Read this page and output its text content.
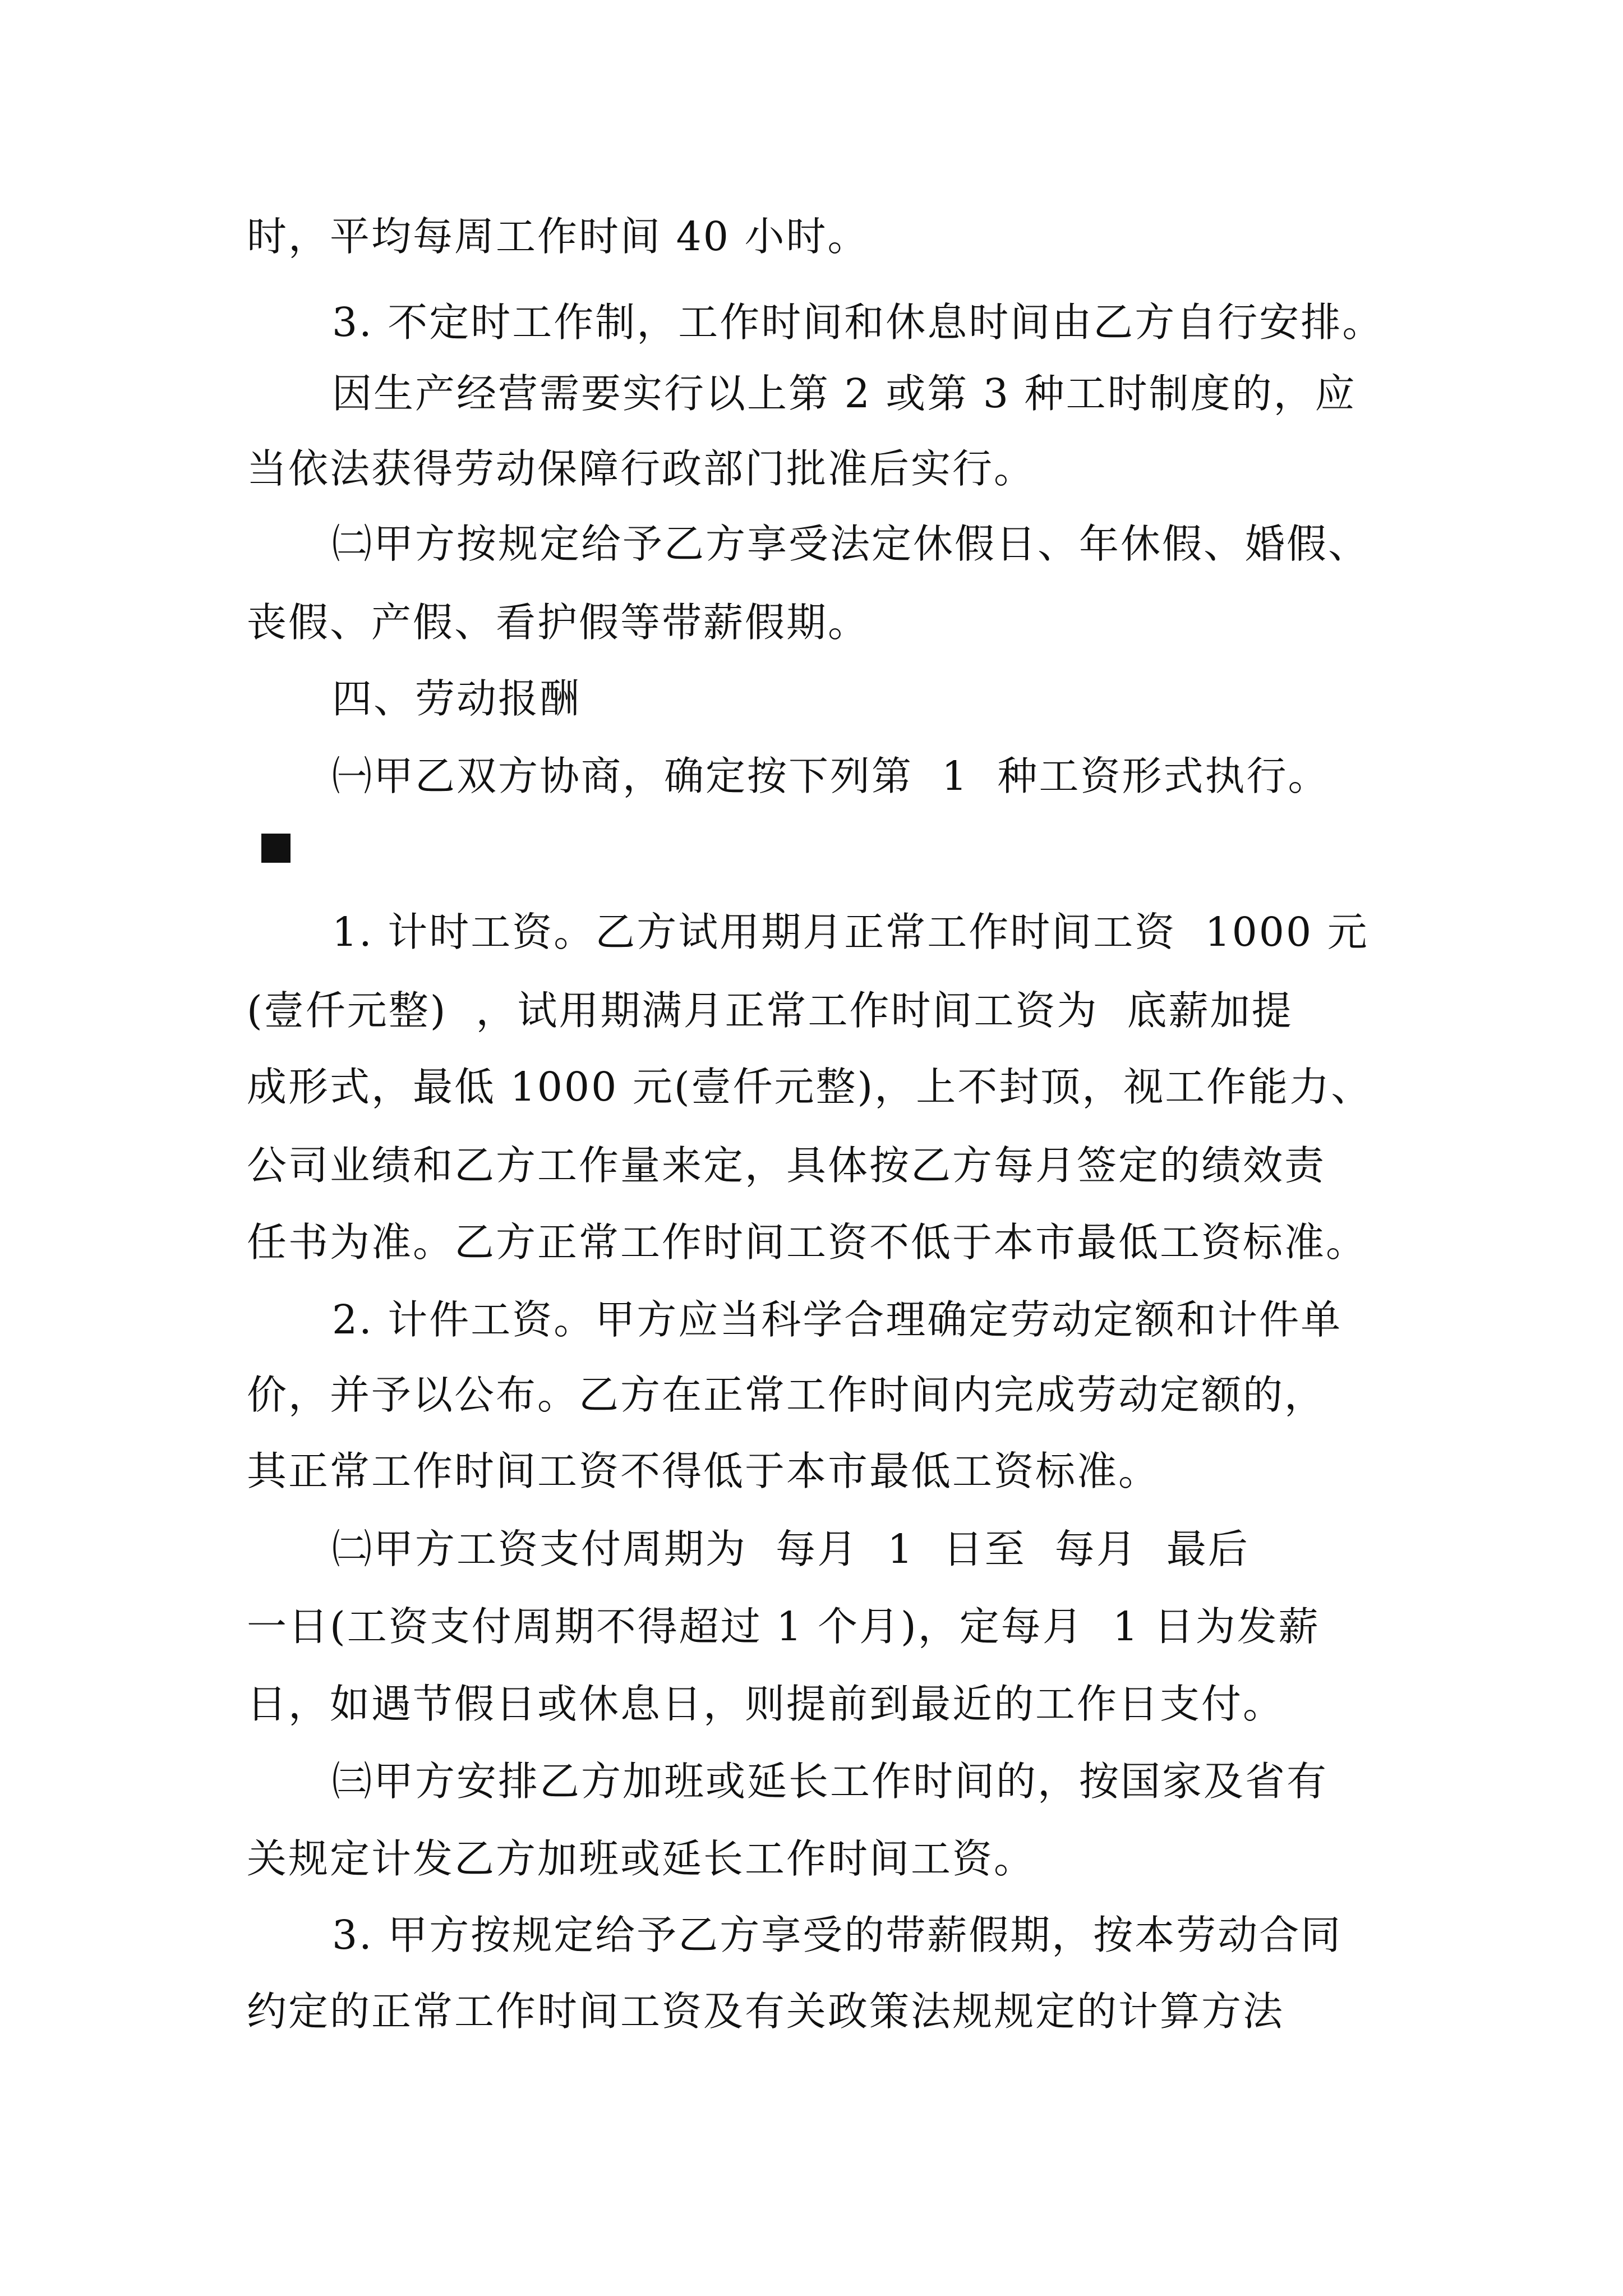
时，平均每周工作时间 40 小时。
3. 不定时工作制，工作时间和休息时间由乙方自行安排。
因生产经营需要实行以上第 2 或第 3 种工时制度的，应
当依法获得劳动保障行政部门批准后实行。
㈡甲方按规定给予乙方享受法定休假日、年休假、婚假、
丧假、产假、看护假等带薪假期。
四、劳动报酬
㈠甲乙双方协商，确定按下列第  1  种工资形式执行。
1. 计时工资。乙方试用期月正常工作时间工资  1000 元
(壹仟元整)  ，试用期满月正常工作时间工资为  底薪加提
成形式，最低 1000 元(壹仟元整)，上不封顶，视工作能力、
公司业绩和乙方工作量来定，具体按乙方每月签定的绩效责
任书为准。乙方正常工作时间工资不低于本市最低工资标准。
2. 计件工资。甲方应当科学合理确定劳动定额和计件单
价，并予以公布。乙方在正常工作时间内完成劳动定额的，
其正常工作时间工资不得低于本市最低工资标准。
㈡甲方工资支付周期为  每月  1  日至  每月  最后
一日(工资支付周期不得超过 1 个月)，定每月  1 日为发薪
日，如遇节假日或休息日，则提前到最近的工作日支付。
㈢甲方安排乙方加班或延长工作时间的，按国家及省有
关规定计发乙方加班或延长工作时间工资。
3. 甲方按规定给予乙方享受的带薪假期，按本劳动合同
约定的正常工作时间工资及有关政策法规规定的计算方法
